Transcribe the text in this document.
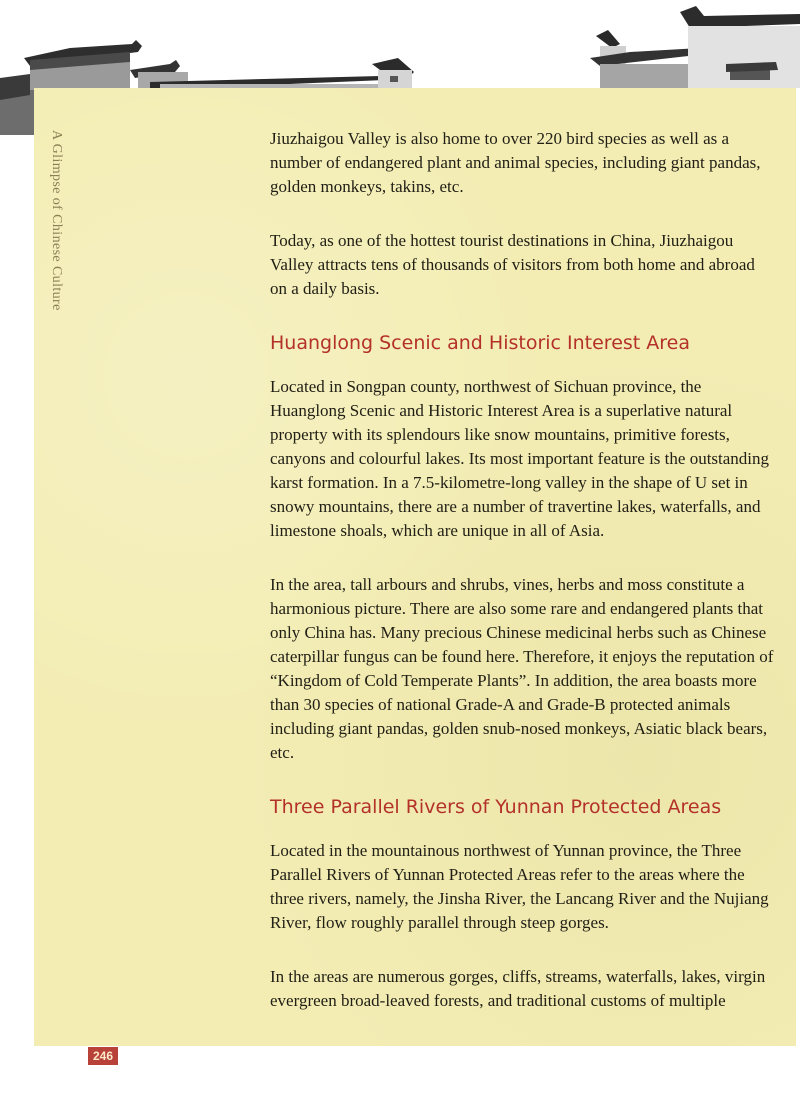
A Glimpse of Chinese Culture	Jiuzhaigou Valley is also home to over 220 bird species as well as a number of endangered plant and animal species, including giant pandas, golden monkeys, takins, etc.

Today, as one of the hottest tourist destinations in China, Jiuzhaigou Valley attracts tens of thousands of visitors from both home and abroad on a daily basis.

Huanglong Scenic and Historic Interest Area

Located in Songpan county, northwest of Sichuan province, the Huanglong Scenic and Historic Interest Area is a superlative natural property with its splendours like snow mountains, primitive forests, canyons and colourful lakes. Its most important feature is the outstanding karst formation. In a 7.5-kilometre-long valley in the shape of U set in snowy mountains, there are a number of travertine lakes, waterfalls, and limestone shoals, which are unique in all of Asia.

In the area, tall arbours and shrubs, vines, herbs and moss constitute a harmonious picture. There are also some rare and endangered plants that only China has. Many precious Chinese medicinal herbs such as Chinese caterpillar fungus can be found here. Therefore, it enjoys the reputation of “Kingdom of Cold Temperate Plants”. In addition, the area boasts more than 30 species of national Grade-A and Grade-B protected animals including giant pandas, golden snub-nosed monkeys, Asiatic black bears, etc.

Three Parallel Rivers of Yunnan Protected Areas

Located in the mountainous northwest of Yunnan province, the Three Parallel Rivers of Yunnan Protected Areas refer to the areas where the three rivers, namely, the Jinsha River, the Lancang River and the Nujiang River, flow roughly parallel through steep gorges.

In the areas are numerous gorges, cliffs, streams, waterfalls, lakes, virgin evergreen broad-leaved forests, and traditional customs of multiple

246
